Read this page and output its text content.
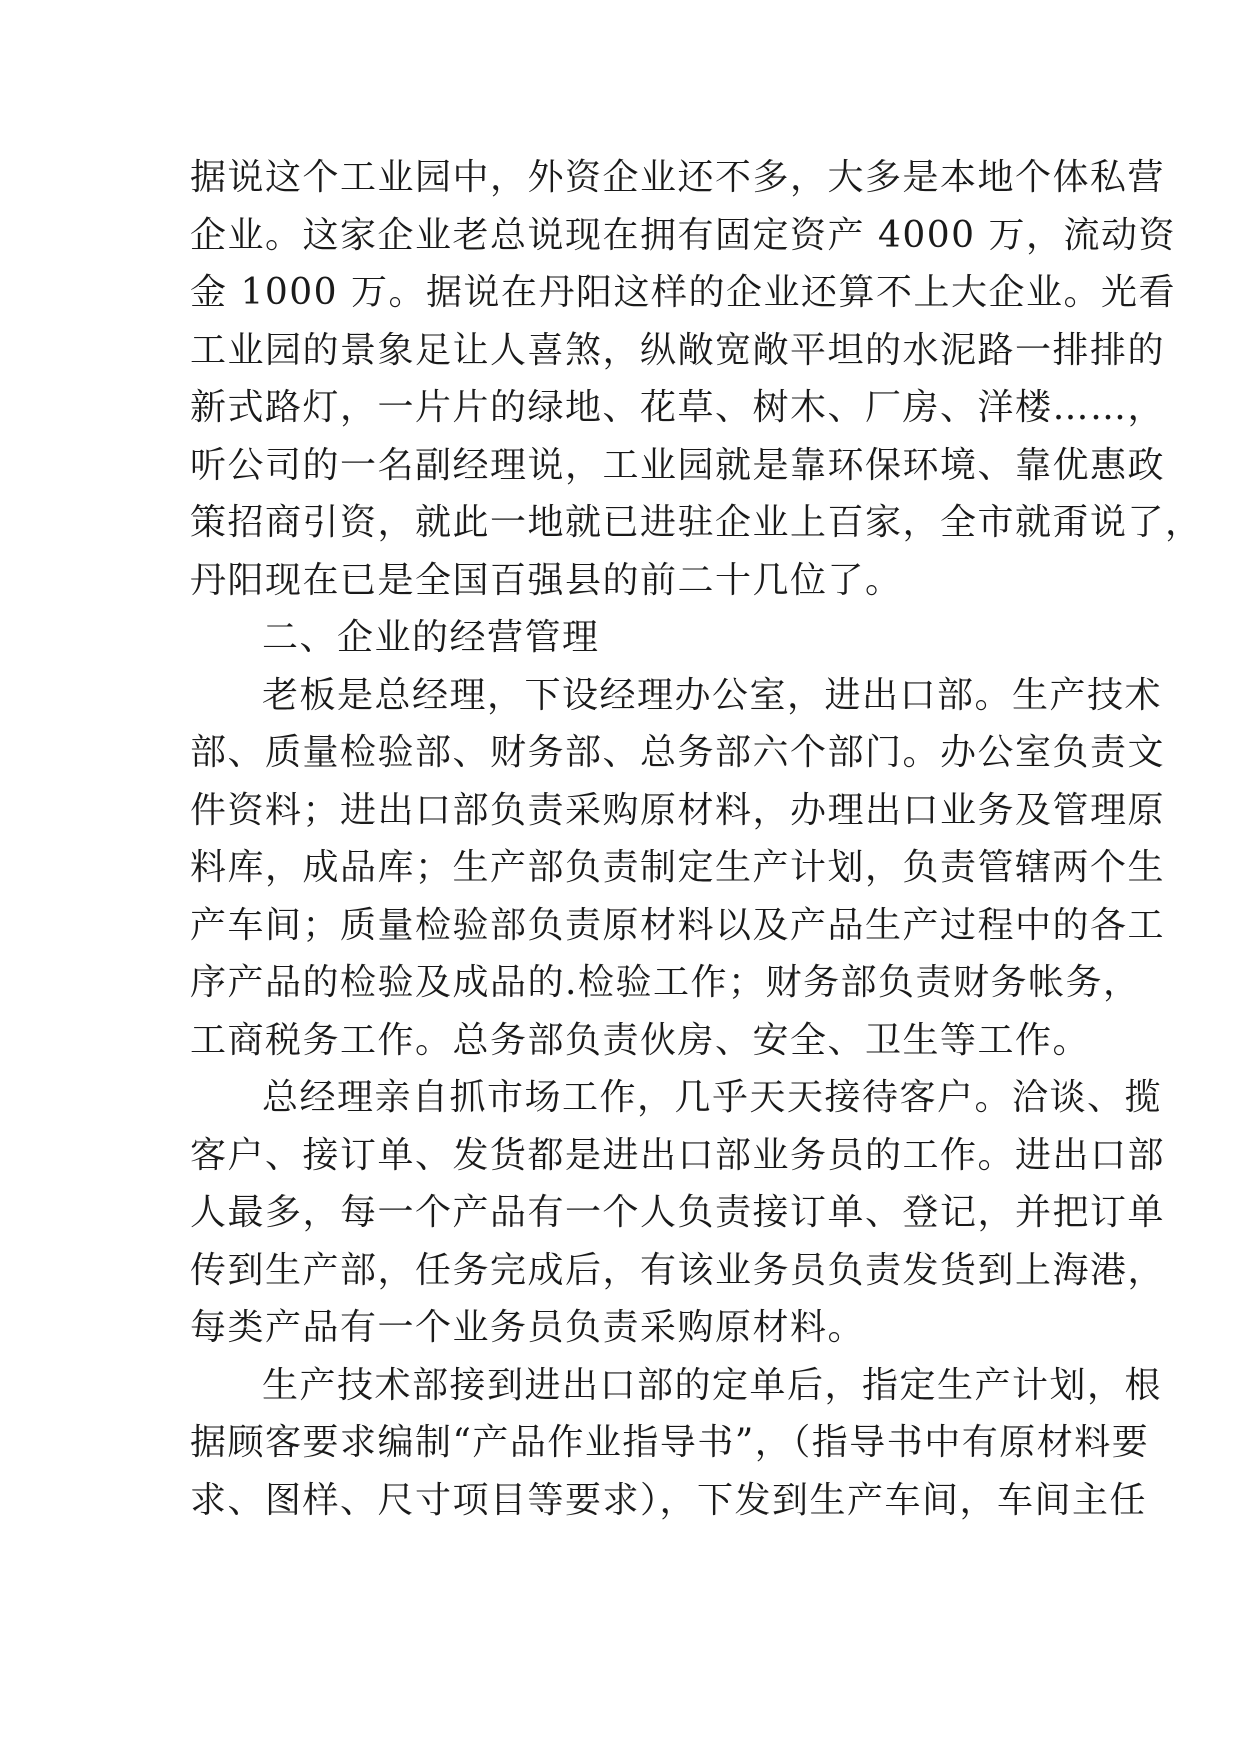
据说这个工业园中，外资企业还不多，大多是本地个体私营
企业。这家企业老总说现在拥有固定资产 4000 万，流动资
金 1000 万。据说在丹阳这样的企业还算不上大企业。光看
工业园的景象足让人喜煞，纵敞宽敞平坦的水泥路一排排的
新式路灯，一片片的绿地、花草、树木、厂房、洋楼……，
听公司的一名副经理说，工业园就是靠环保环境、靠优惠政
策招商引资，就此一地就已进驻企业上百家，全市就甭说了，
丹阳现在已是全国百强县的前二十几位了。
二、企业的经营管理
老板是总经理，下设经理办公室，进出口部。生产技术
部、质量检验部、财务部、总务部六个部门。办公室负责文
件资料；进出口部负责采购原材料，办理出口业务及管理原
料库，成品库；生产部负责制定生产计划，负责管辖两个生
产车间；质量检验部负责原材料以及产品生产过程中的各工
序产品的检验及成品的.检验工作；财务部负责财务帐务，
工商税务工作。总务部负责伙房、安全、卫生等工作。
总经理亲自抓市场工作，几乎天天接待客户。洽谈、揽
客户、接订单、发货都是进出口部业务员的工作。进出口部
人最多，每一个产品有一个人负责接订单、登记，并把订单
传到生产部，任务完成后，有该业务员负责发货到上海港，
每类产品有一个业务员负责采购原材料。
生产技术部接到进出口部的定单后，指定生产计划，根
据顾客要求编制“产品作业指导书”，（指导书中有原材料要
求、图样、尺寸项目等要求），下发到生产车间，车间主任
